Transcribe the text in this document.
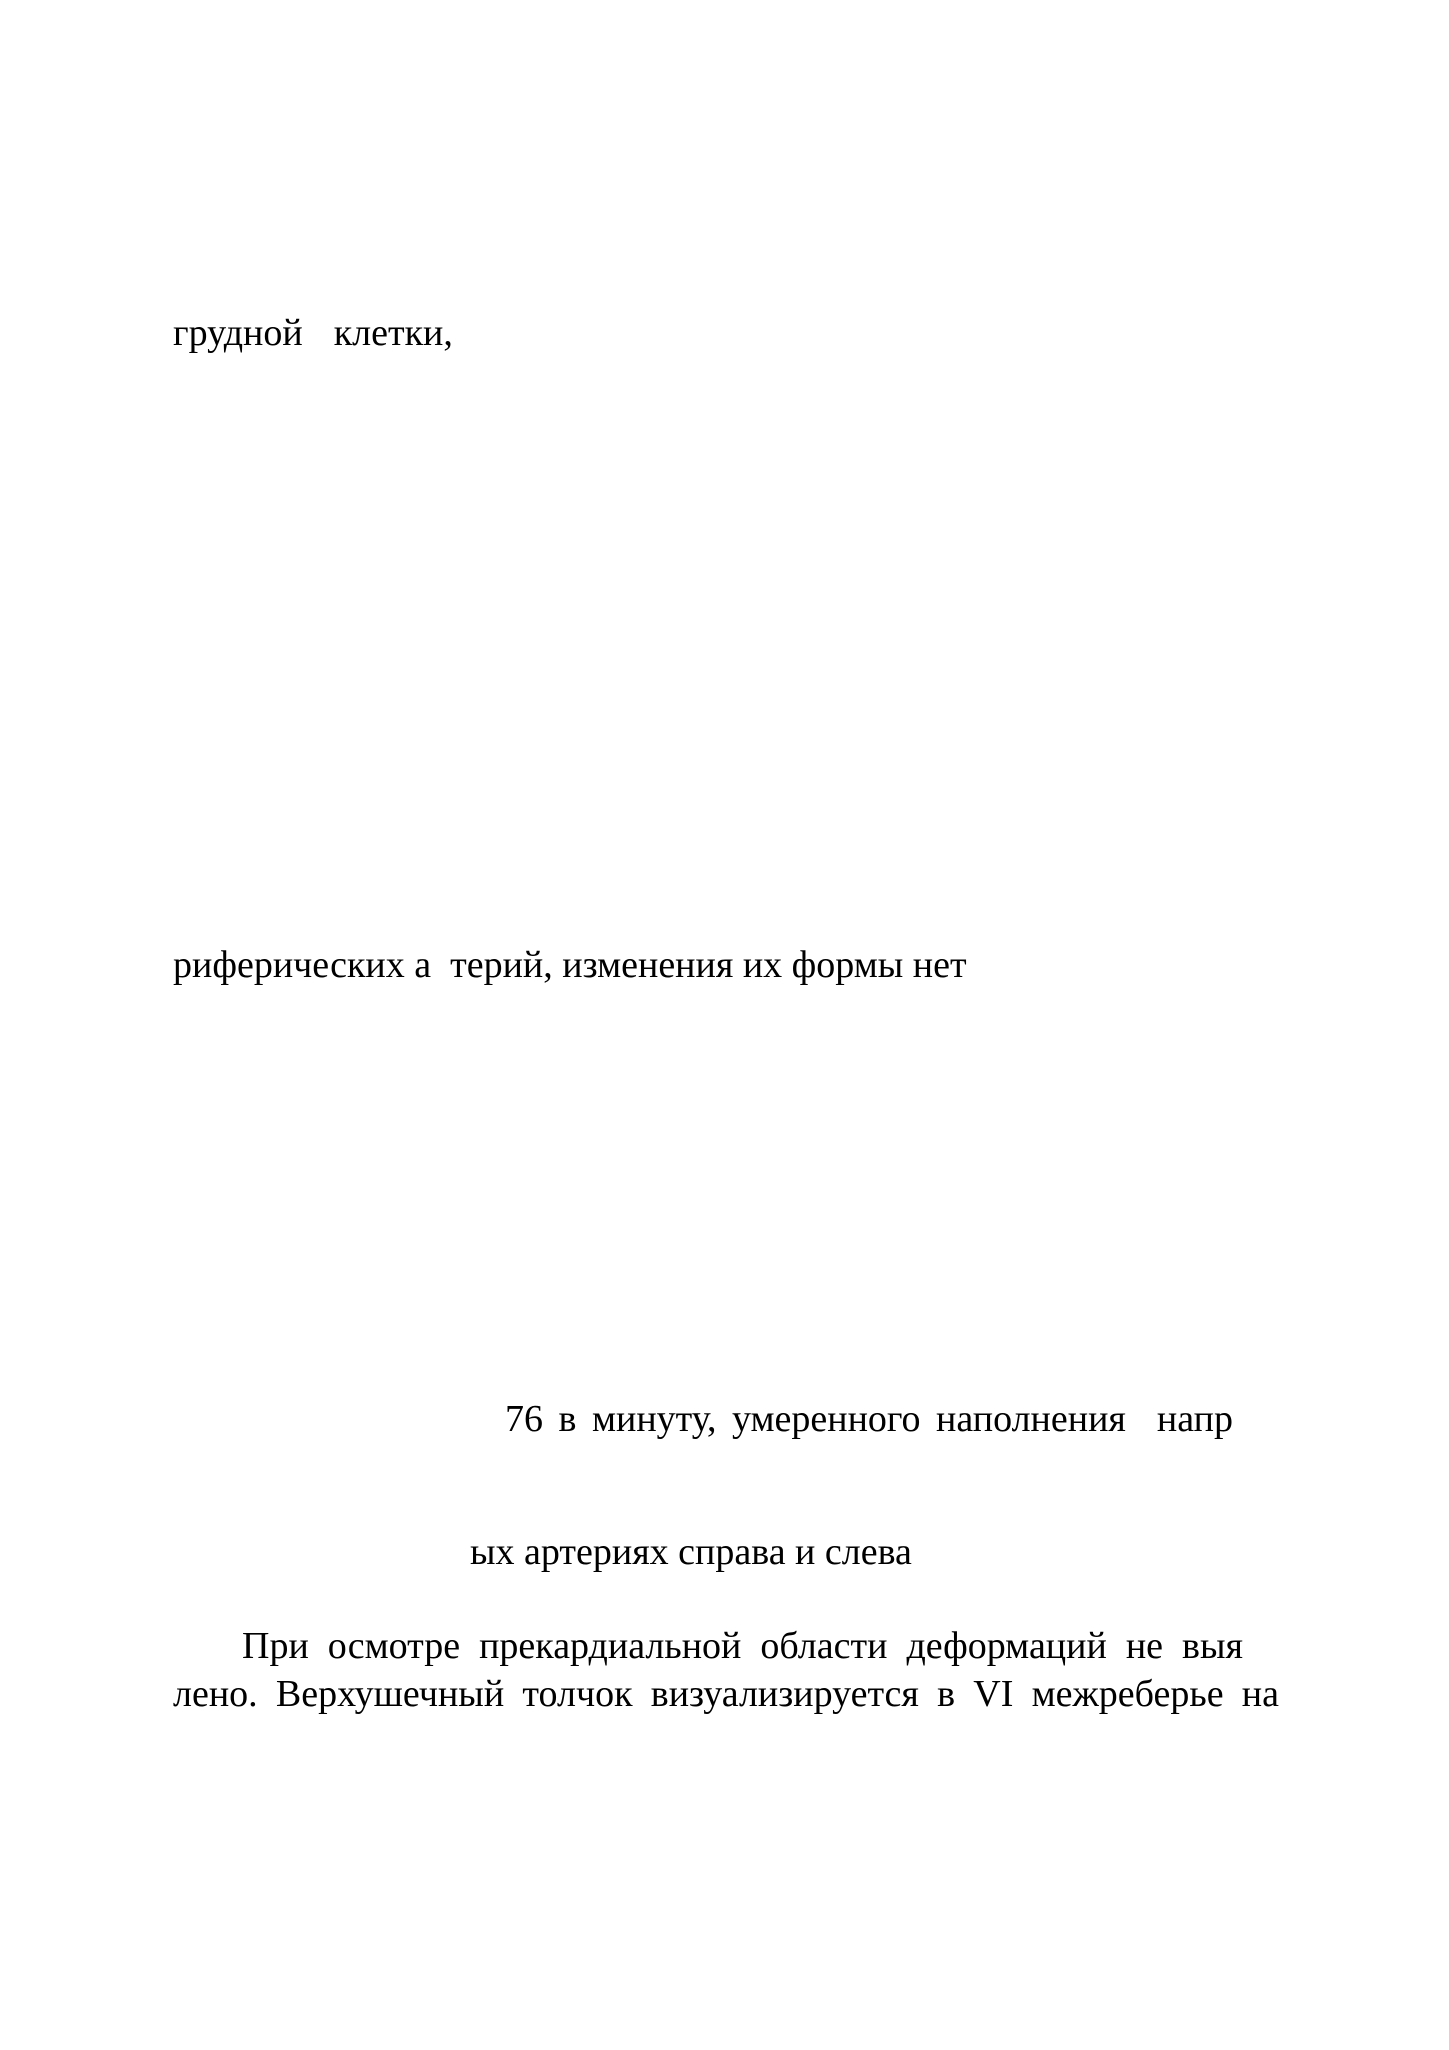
грудной  клетки,

риферических а  терий, изменения их формы нет

76 в минуту, умеренного наполнения  напр

ых артериях справа и слева

При осмотре прекардиальной области деформаций не выя
лено. Верхушечный толчок визуализируется в VI межреберье на
